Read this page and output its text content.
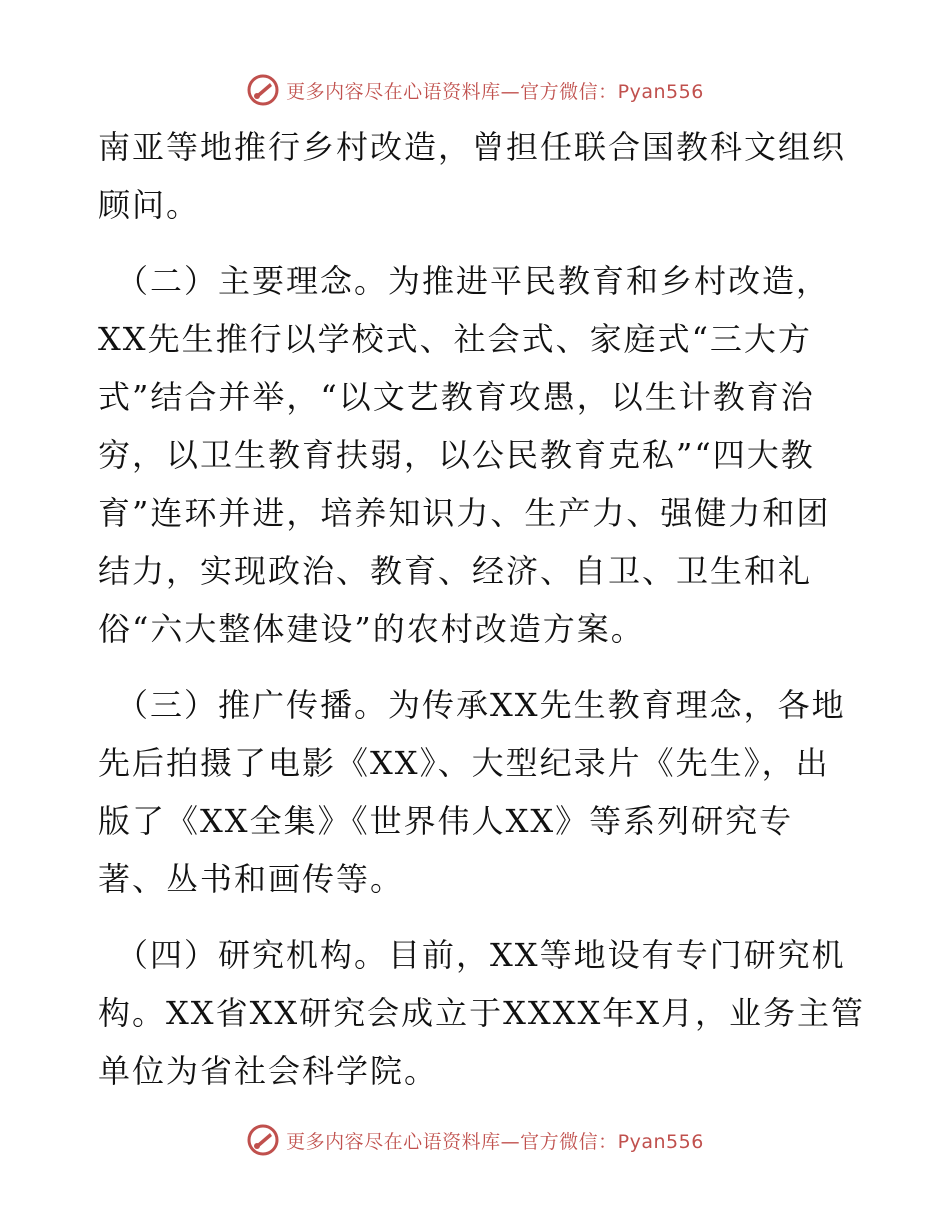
更多内容尽在心语资料库—官方微信：Pyan556

南亚等地推行乡村改造，曾担任联合国教科文组织
顾问。

（二）主要理念。为推进平民教育和乡村改造，
XX先生推行以学校式、社会式、家庭式“三大方
式”结合并举，“以文艺教育攻愚，以生计教育治
穷，以卫生教育扶弱，以公民教育克私”“四大教
育”连环并进，培养知识力、生产力、强健力和团
结力，实现政治、教育、经济、自卫、卫生和礼
俗“六大整体建设”的农村改造方案。

（三）推广传播。为传承XX先生教育理念，各地
先后拍摄了电影《XX》、大型纪录片《先生》，出
版了《XX全集》《世界伟人XX》等系列研究专
著、丛书和画传等。

（四）研究机构。目前，XX等地设有专门研究机
构。XX省XX研究会成立于XXXX年X月，业务主管
单位为省社会科学院。

更多内容尽在心语资料库—官方微信：Pyan556
